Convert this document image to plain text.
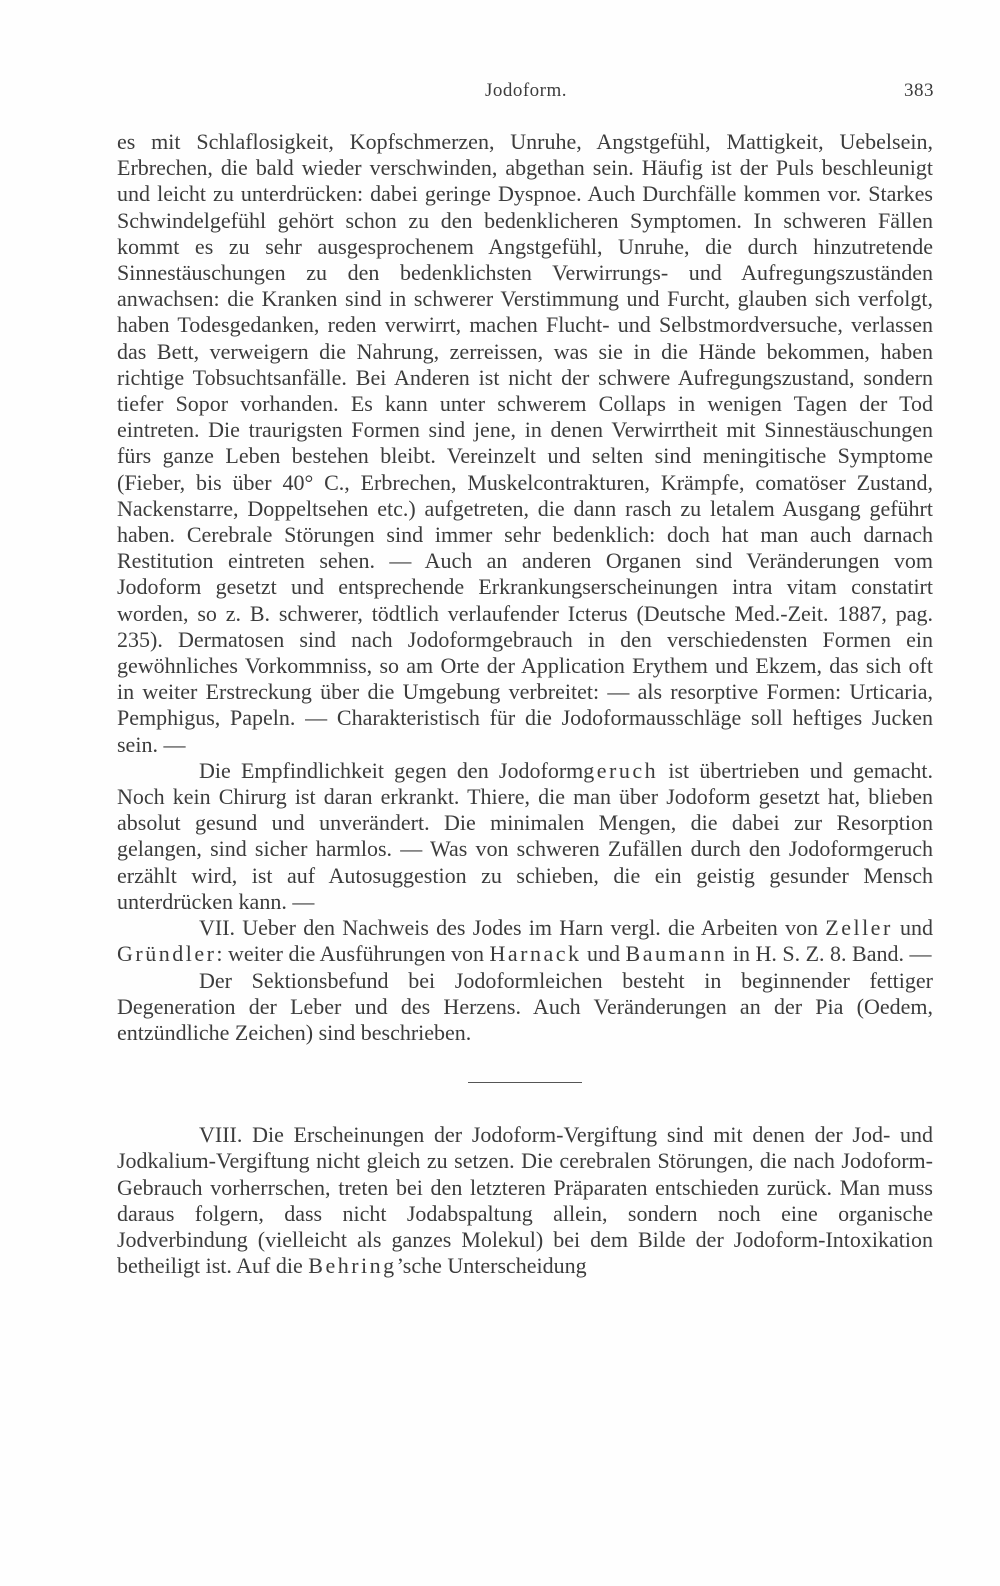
Jodoform.	383

es mit Schlaflosigkeit, Kopfschmerzen, Unruhe, Angstgefühl, Mattigkeit, Uebelsein, Erbrechen, die bald wieder verschwinden, abgethan sein. Häufig ist der Puls beschleunigt und leicht zu unterdrücken: dabei geringe Dyspnoe. Auch Durchfälle kommen vor. Starkes Schwindelgefühl gehört schon zu den bedenklicheren Symptomen. In schweren Fällen kommt es zu sehr ausgesprochenem Angstgefühl, Unruhe, die durch hinzutretende Sinnestäuschungen zu den bedenklichsten Verwirrungs- und Aufregungszuständen anwachsen: die Kranken sind in schwerer Verstimmung und Furcht, glauben sich verfolgt, haben Todesgedanken, reden verwirrt, machen Flucht- und Selbstmordversuche, verlassen das Bett, verweigern die Nahrung, zerreissen, was sie in die Hände bekommen, haben richtige Tobsuchtsanfälle. Bei Anderen ist nicht der schwere Aufregungszustand, sondern tiefer Sopor vorhanden. Es kann unter schwerem Collaps in wenigen Tagen der Tod eintreten. Die traurigsten Formen sind jene, in denen Verwirrtheit mit Sinnestäuschungen fürs ganze Leben bestehen bleibt. Vereinzelt und selten sind meningitische Symptome (Fieber, bis über 40° C., Erbrechen, Muskelcontrakturen, Krämpfe, comatöser Zustand, Nackenstarre, Doppeltsehen etc.) aufgetreten, die dann rasch zu letalem Ausgang geführt haben. Cerebrale Störungen sind immer sehr bedenklich: doch hat man auch darnach Restitution eintreten sehen. — Auch an anderen Organen sind Veränderungen vom Jodoform gesetzt und entsprechende Erkrankungserscheinungen intra vitam constatirt worden, so z. B. schwerer, tödtlich verlaufender Icterus (Deutsche Med.-Zeit. 1887, pag. 235). Dermatosen sind nach Jodoformgebrauch in den verschiedensten Formen ein gewöhnliches Vorkommniss, so am Orte der Application Erythem und Ekzem, das sich oft in weiter Erstreckung über die Umgebung verbreitet: — als resorptive Formen: Urticaria, Pemphigus, Papeln. — Charakteristisch für die Jodoformausschläge soll heftiges Jucken sein. —

Die Empfindlichkeit gegen den Jodoformgeruch ist übertrieben und gemacht. Noch kein Chirurg ist daran erkrankt. Thiere, die man über Jodoform gesetzt hat, blieben absolut gesund und unverändert. Die minimalen Mengen, die dabei zur Resorption gelangen, sind sicher harmlos. — Was von schweren Zufällen durch den Jodoformgeruch erzählt wird, ist auf Autosuggestion zu schieben, die ein geistig gesunder Mensch unterdrücken kann. —

VII. Ueber den Nachweis des Jodes im Harn vergl. die Arbeiten von Zeller und Gründler: weiter die Ausführungen von Harnack und Baumann in H. S. Z. 8. Band. —

Der Sektionsbefund bei Jodoformleichen besteht in beginnender fettiger Degeneration der Leber und des Herzens. Auch Veränderungen an der Pia (Oedem, entzündliche Zeichen) sind beschrieben.

VIII. Die Erscheinungen der Jodoform-Vergiftung sind mit denen der Jod- und Jodkalium-Vergiftung nicht gleich zu setzen. Die cerebralen Störungen, die nach Jodoform-Gebrauch vorherrschen, treten bei den letzteren Präparaten entschieden zurück. Man muss daraus folgern, dass nicht Jodabspaltung allein, sondern noch eine organische Jodverbindung (vielleicht als ganzes Molekul) bei dem Bilde der Jodoform-Intoxikation betheiligt ist. Auf die Behring’sche Unterscheidung
